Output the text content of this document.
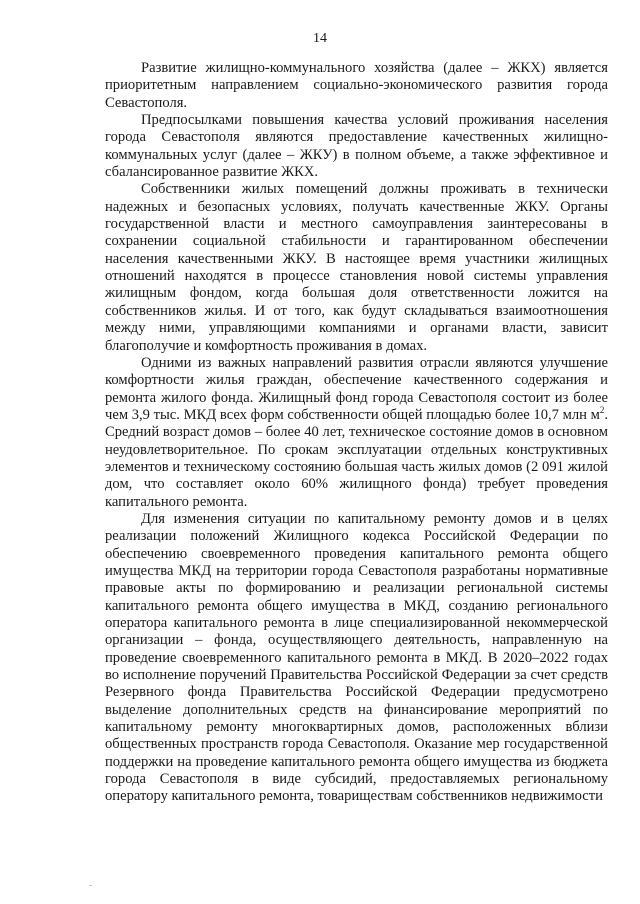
14

Развитие жилищно-коммунального хозяйства (далее – ЖКХ) является приоритетным направлением социально-экономического развития города Севастополя.

Предпосылками повышения качества условий проживания населения города Севастополя являются предоставление качественных жилищно-коммунальных услуг (далее – ЖКУ) в полном объеме, а также эффективное и сбалансированное развитие ЖКХ.

Собственники жилых помещений должны проживать в технически надежных и безопасных условиях, получать качественные ЖКУ. Органы государственной власти и местного самоуправления заинтересованы в сохранении социальной стабильности и гарантированном обеспечении населения качественными ЖКУ. В настоящее время участники жилищных отношений находятся в процессе становления новой системы управления жилищным фондом, когда большая доля ответственности ложится на собственников жилья. И от того, как будут складываться взаимоотношения между ними, управляющими компаниями и органами власти, зависит благополучие и комфортность проживания в домах.

Одними из важных направлений развития отрасли являются улучшение комфортности жилья граждан, обеспечение качественного содержания и ремонта жилого фонда. Жилищный фонд города Севастополя состоит из более чем 3,9 тыс. МКД всех форм собственности общей площадью более 10,7 млн $м^2$. Средний возраст домов – более 40 лет, техническое состояние домов в основном неудовлетворительное. По срокам эксплуатации отдельных конструктивных элементов и техническому состоянию большая часть жилых домов (2 091 жилой дом, что составляет около 60% жилищного фонда) требует проведения капитального ремонта.

Для изменения ситуации по капитальному ремонту домов и в целях реализации положений Жилищного кодекса Российской Федерации по обеспечению своевременного проведения капитального ремонта общего имущества МКД на территории города Севастополя разработаны нормативные правовые акты по формированию и реализации региональной системы капитального ремонта общего имущества в МКД, созданию регионального оператора капитального ремонта в лице специализированной некоммерческой организации – фонда, осуществляющего деятельность, направленную на проведение своевременного капитального ремонта в МКД. В 2020–2022 годах во исполнение поручений Правительства Российской Федерации за счет средств Резервного фонда Правительства Российской Федерации предусмотрено выделение дополнительных средств на финансирование мероприятий по капитальному ремонту многоквартирных домов, расположенных вблизи общественных пространств города Севастополя. Оказание мер государственной поддержки на проведение капитального ремонта общего имущества из бюджета города Севастополя в виде субсидий, предоставляемых региональному оператору капитального ремонта, товариществам собственников недвижимости
